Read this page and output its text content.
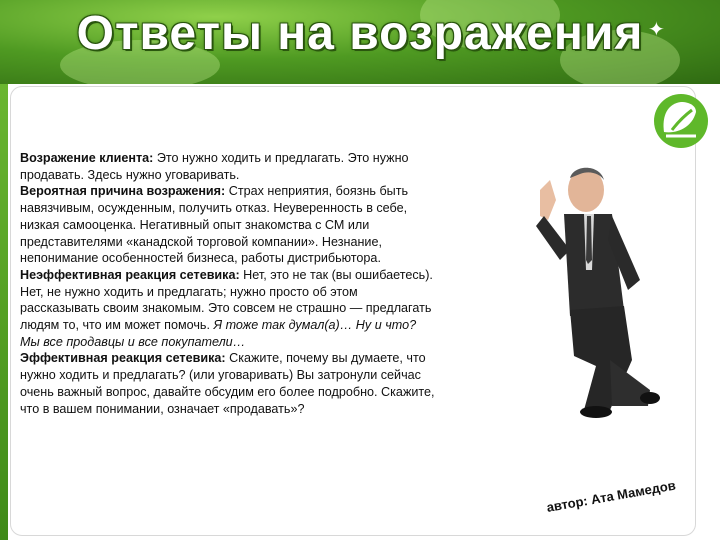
Ответы на возражения ✦

Возражение клиента: Это нужно ходить и предлагать. Это нужно продавать. Здесь нужно уговаривать.

Вероятная причина возражения: Страх неприятия, боязнь быть навязчивым, осужденным, получить отказ. Неуверенность в себе, низкая самооценка. Негативный опыт знакомства с СМ или представителями «канадской торговой компании». Незнание, непонимание особенностей бизнеса, работы дистрибьютора.

Неэффективная реакция сетевика: Нет, это не так (вы ошибаетесь). Нет, не нужно ходить и предлагать; нужно просто об этом рассказывать своим знакомым. Это совсем не страшно — предлагать людям то, что им может помочь. Я тоже так думал(а)… Ну и что? Мы все продавцы и все покупатели…

Эффективная реакция сетевика: Скажите, почему вы думаете, что нужно ходить и предлагать? (или уговаривать) Вы затронули сейчас очень важный вопрос, давайте обсудим его более подробно. Скажите, что в вашем понимании, означает «продавать»?

автор: Ата Мамедов
